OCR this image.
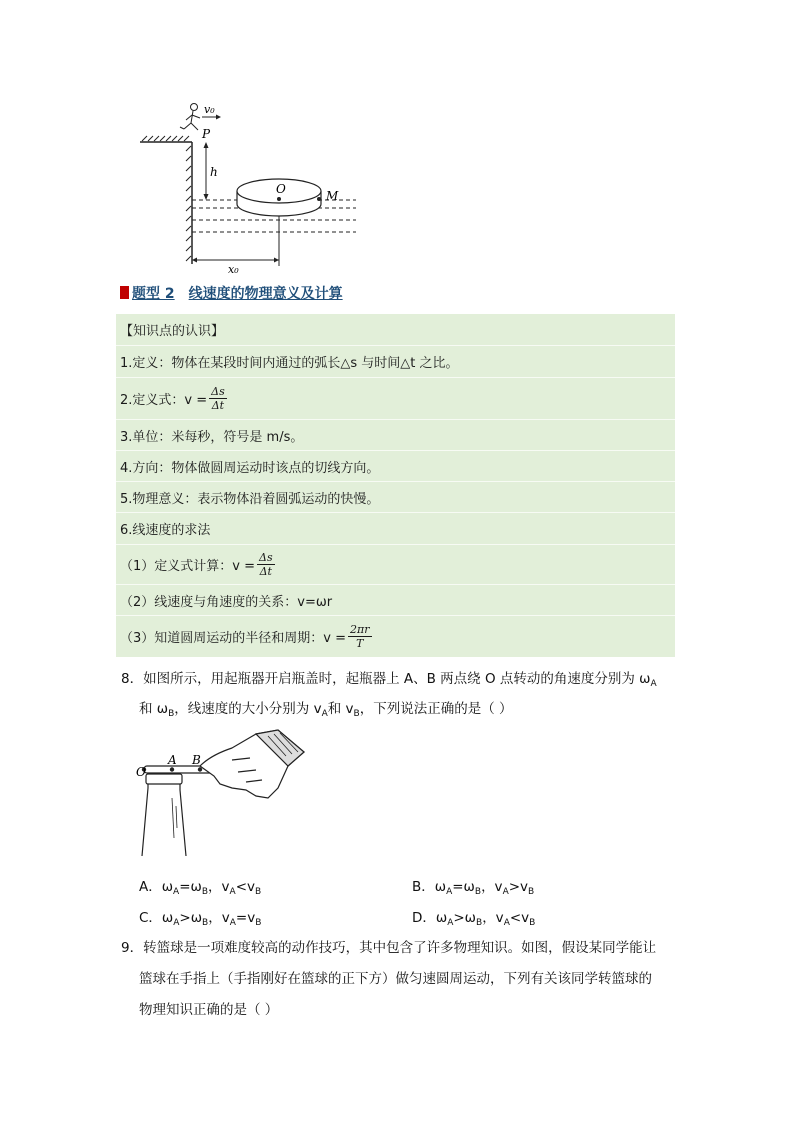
v₀
P
h
O	M
x₀
题型 2 线速度的物理意义及计算
【知识点的认识】
1.定义：物体在某段时间内通过的弧长△s 与时间△t 之比。
2.定义式：$v = \frac{\Delta s}{\Delta t}$
3.单位：米每秒，符号是 m/s。
4.方向：物体做圆周运动时该点的切线方向。
5.物理意义：表示物体沿着圆弧运动的快慢。
6.线速度的求法
（1）定义式计算：$v = \frac{\Delta s}{\Delta t}$
（2）线速度与角速度的关系：v=ωr
（3）知道圆周运动的半径和周期：$v = \frac{2\pi r}{T}$
8．如图所示，用起瓶器开启瓶盖时，起瓶器上 A、B 两点绕 O 点转动的角速度分别为 $\omega_A$
和 $\omega_B$，线速度的大小分别为 $v_A$和 $v_B$，下列说法正确的是（ ）
O
A B
A．$\omega_A=\omega_B$，$v_A<v_B$	B．$\omega_A=\omega_B$，$v_A>v_B$
C．$\omega_A>\omega_B$，$v_A=v_B$	D．$\omega_A>\omega_B$，$v_A<v_B$
9．转篮球是一项难度较高的动作技巧，其中包含了许多物理知识。如图，假设某同学能让
篮球在手指上（手指刚好在篮球的正下方）做匀速圆周运动，下列有关该同学转篮球的
物理知识正确的是（ ）
